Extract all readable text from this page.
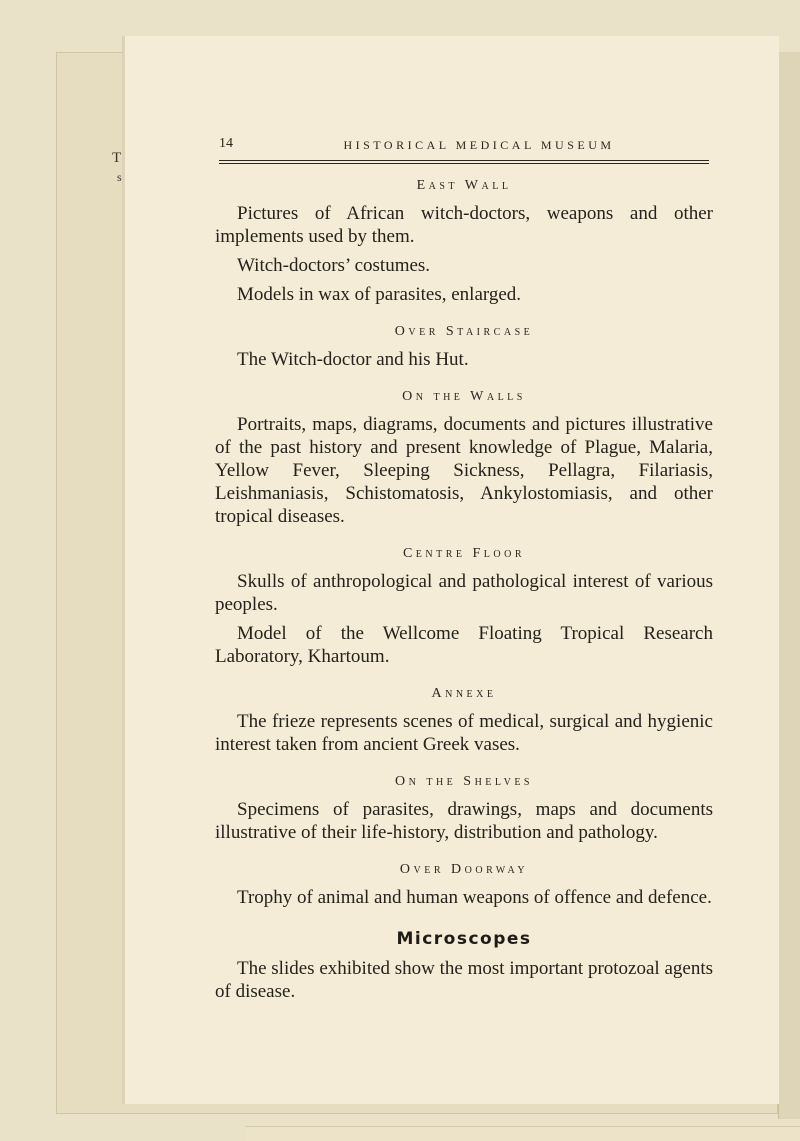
T
s
14	HISTORICAL MEDICAL MUSEUM
East Wall

Pictures of African witch-doctors, weapons and other implements used by them.

Witch-doctors’ costumes.

Models in wax of parasites, enlarged.

Over Staircase

The Witch-doctor and his Hut.

On the Walls

Portraits, maps, diagrams, documents and pictures illustrative of the past history and present knowledge of Plague, Malaria, Yellow Fever, Sleeping Sickness, Pellagra, Filariasis, Leishmaniasis, Schistomatosis, Ankylostomiasis, and other tropical diseases.

Centre Floor

Skulls of anthropological and pathological interest of various peoples.

Model of the Wellcome Floating Tropical Research Laboratory, Khartoum.

Annexe

The frieze represents scenes of medical, surgical and hygienic interest taken from ancient Greek vases.

On the Shelves

Specimens of parasites, drawings, maps and documents illustrative of their life-history, distribution and pathology.

Over Doorway

Trophy of animal and human weapons of offence and defence.

Microscopes

The slides exhibited show the most important protozoal agents of disease.
